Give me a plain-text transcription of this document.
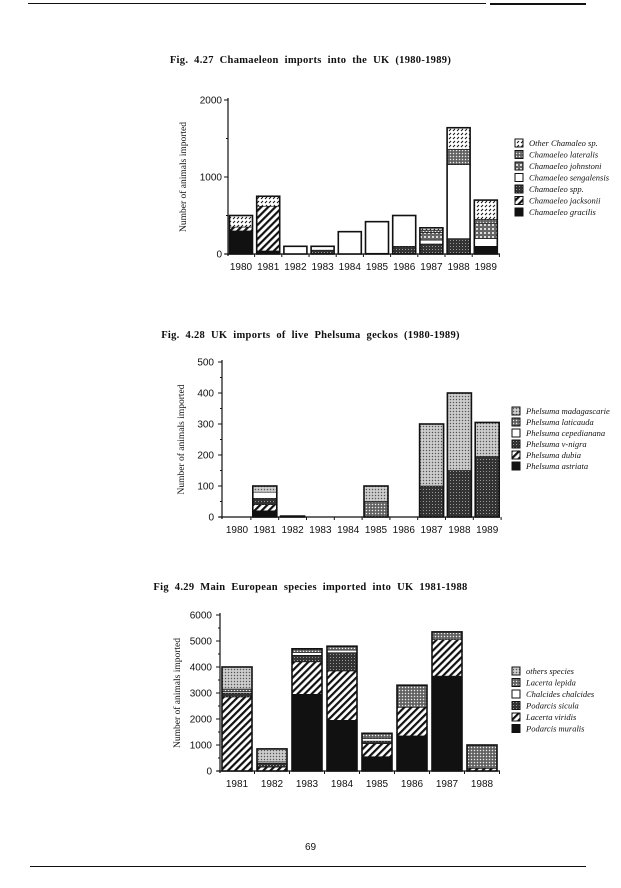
Fig. 4.27 Chamaeleon imports into the UK (1980-1989)
Fig. 4.28 UK imports of live Phelsuma geckos (1980-1989)
Fig 4.29 Main European species imported into UK 1981-1988
0
1000
2000
Number of animals imported
1980 1981 1982 1983 1984 1985 1986 1987 1988 1989
Other Chamaleo sp.
Chamaeleo lateralis
Chamaeleo johnstoni
Chamaeleo sengalensis
Chamaeleo spp.
Chamaeleo jacksonii
Chamaeleo gracilis
0
100
200
300
400
500
Number of animals imported
1980 1981 1982 1983 1984 1985 1986 1987 1988 1989
Phelsuma madagascarie
Phelsuma laticauda
Phelsuma cepedianana
Phelsuma v-nigra
Phelsuma dubia
Phelsuma astriata
0
1000
2000
3000
4000
5000
6000
Number of animals imported
1981 1982 1983 1984 1985 1986 1987 1988
others species
Lacerta lepida
Chalcides chalcides
Podarcis sicula
Lacerta viridis
Podarcis muralis
69
